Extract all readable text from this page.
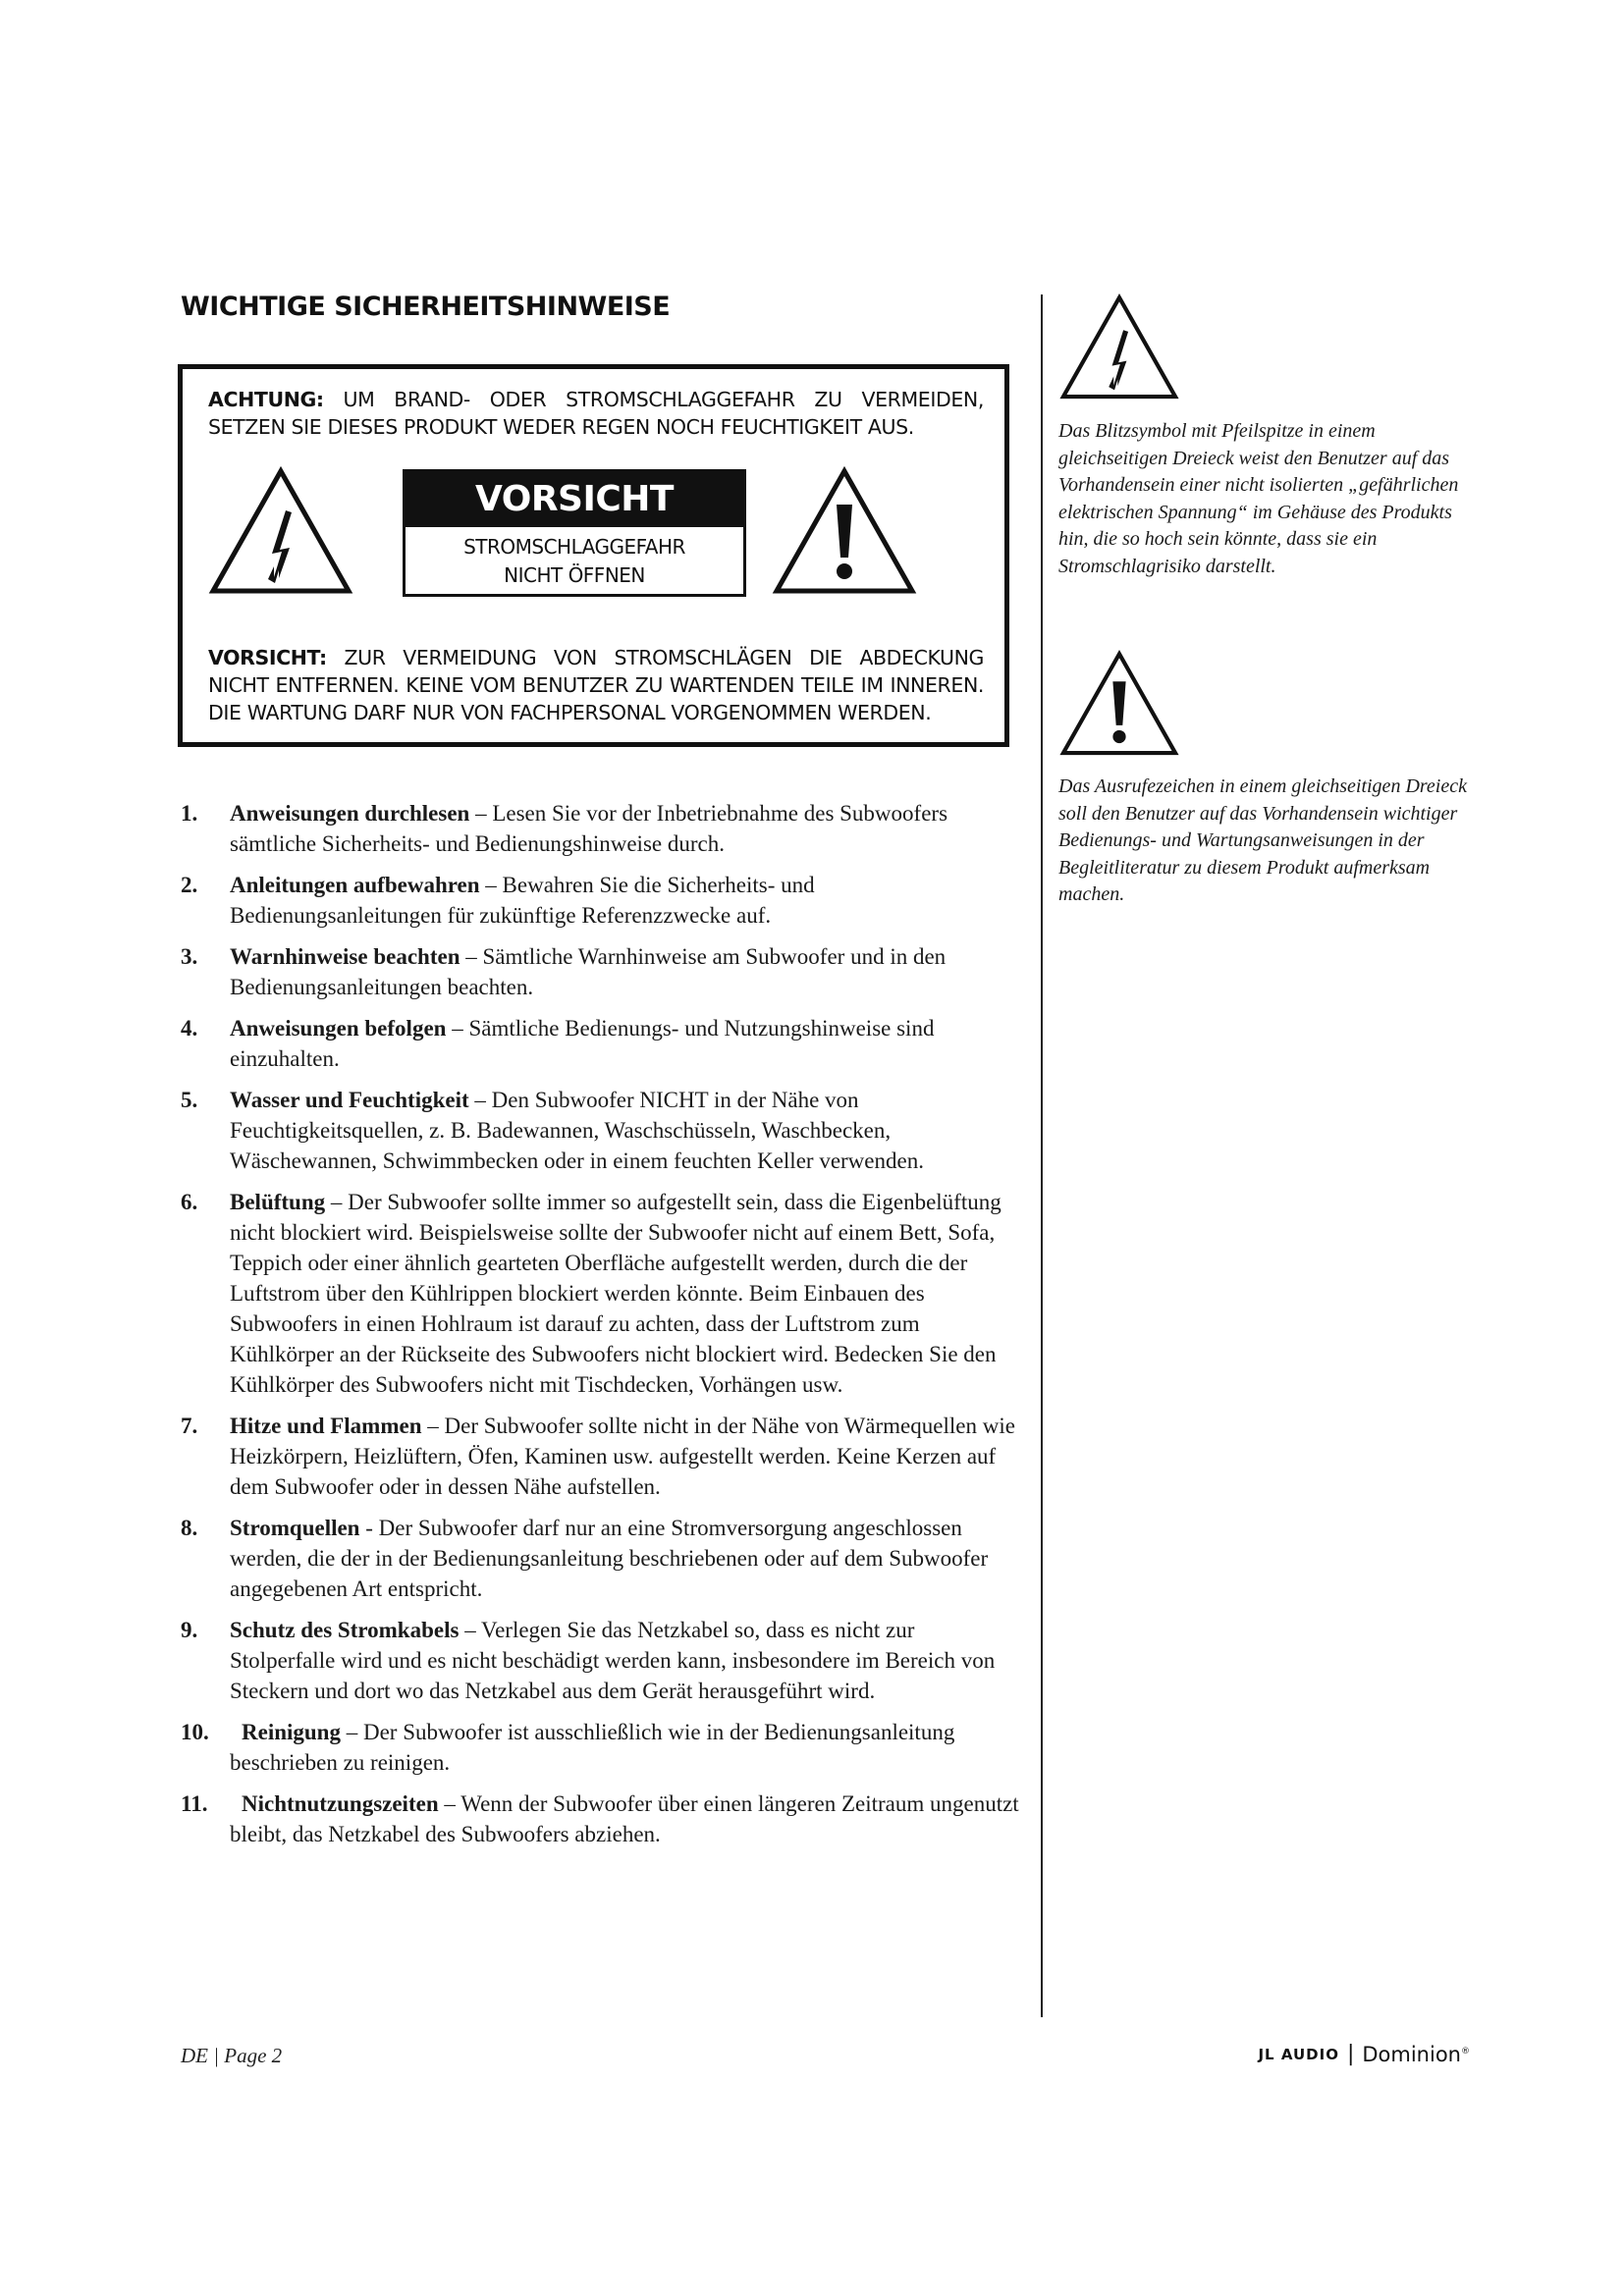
WICHTIGE SICHERHEITSHINWEISE
ACHTUNG: UM BRAND- ODER STROMSCHLAGGEFAHR ZU VERMEIDEN,
SETZEN SIE DIESES PRODUKT WEDER REGEN NOCH FEUCHTIGKEIT AUS.
VORSICHT
STROMSCHLAGGEFAHR
NICHT ÖFFNEN
VORSICHT: ZUR VERMEIDUNG VON STROMSCHLÄGEN DIE ABDECKUNG
NICHT ENTFERNEN. KEINE VOM BENUTZER ZU WARTENDEN TEILE IM INNEREN.
DIE WARTUNG DARF NUR VON FACHPERSONAL VORGENOMMEN WERDEN.
1. Anweisungen durchlesen – Lesen Sie vor der Inbetriebnahme des Subwoofers sämtliche Sicherheits- und Bedienungshinweise durch.
2. Anleitungen aufbewahren – Bewahren Sie die Sicherheits- und Bedienungsanleitungen für zukünftige Referenzzwecke auf.
3. Warnhinweise beachten – Sämtliche Warnhinweise am Subwoofer und in den Bedienungsanleitungen beachten.
4. Anweisungen befolgen – Sämtliche Bedienungs- und Nutzungshinweise sind einzuhalten.
5. Wasser und Feuchtigkeit – Den Subwoofer NICHT in der Nähe von Feuchtigkeitsquellen, z. B. Badewannen, Waschschüsseln, Waschbecken, Wäschewannen, Schwimmbecken oder in einem feuchten Keller verwenden.
6. Belüftung – Der Subwoofer sollte immer so aufgestellt sein, dass die Eigenbelüftung nicht blockiert wird. Beispielsweise sollte der Subwoofer nicht auf einem Bett, Sofa, Teppich oder einer ähnlich gearteten Oberfläche aufgestellt werden, durch die der Luftstrom über den Kühlrippen blockiert werden könnte. Beim Einbauen des Subwoofers in einen Hohlraum ist darauf zu achten, dass der Luftstrom zum Kühlkörper an der Rückseite des Subwoofers nicht blockiert wird. Bedecken Sie den Kühlkörper des Subwoofers nicht mit Tischdecken, Vorhängen usw.
7. Hitze und Flammen – Der Subwoofer sollte nicht in der Nähe von Wärmequellen wie Heizkörpern, Heizlüftern, Öfen, Kaminen usw. aufgestellt werden. Keine Kerzen auf dem Subwoofer oder in dessen Nähe aufstellen.
8. Stromquellen - Der Subwoofer darf nur an eine Stromversorgung angeschlossen werden, die der in der Bedienungsanleitung beschriebenen oder auf dem Subwoofer angegebenen Art entspricht.
9. Schutz des Stromkabels – Verlegen Sie das Netzkabel so, dass es nicht zur Stolperfalle wird und es nicht beschädigt werden kann, insbesondere im Bereich von Steckern und dort wo das Netzkabel aus dem Gerät herausgeführt wird.
10. Reinigung – Der Subwoofer ist ausschließlich wie in der Bedienungsanleitung beschrieben zu reinigen.
11. Nichtnutzungszeiten – Wenn der Subwoofer über einen längeren Zeitraum ungenutzt bleibt, das Netzkabel des Subwoofers abziehen.
Das Blitzsymbol mit Pfeilspitze in einem gleichseitigen Dreieck weist den Benutzer auf das Vorhandensein einer nicht isolierten „gefährlichen elektrischen Spannung“ im Gehäuse des Produkts hin, die so hoch sein könnte, dass sie ein Stromschlagrisiko darstellt.
Das Ausrufezeichen in einem gleichseitigen Dreieck soll den Benutzer auf das Vorhandensein wichtiger Bedienungs- und Wartungsanweisungen in der Begleitliteratur zu diesem Produkt aufmerksam machen.
DE | Page 2	JL AUDIO | Dominion®
